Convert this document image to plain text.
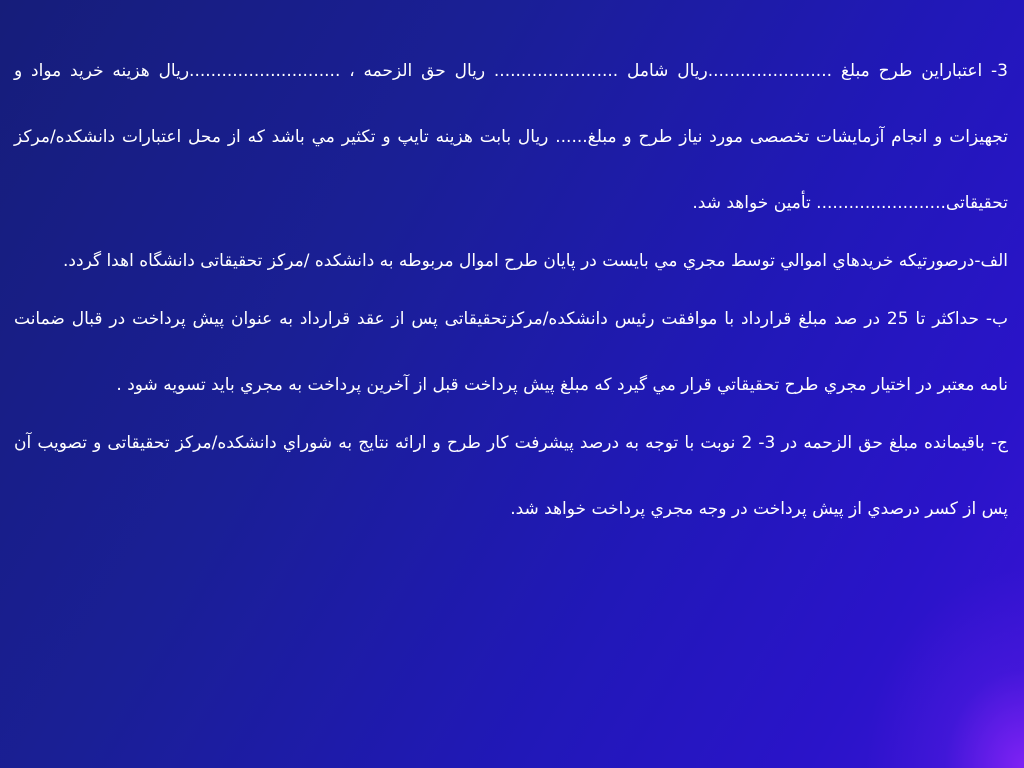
3- اعتباراین طرح مبلغ .......................ریال شامل ....................... ریال حق الزحمه ، ............................ریال هزینه خرید مواد و تجهیزات و انجام آزمایشات تخصصی مورد نیاز طرح و مبلغ...... ریال بابت هزینه تایپ و تکثیر مي باشد که از محل اعتبارات دانشکده/مرکز تحقیقاتی........................ تأمین خواهد شد.

الف-درصورتیکه خریدهاي اموالي توسط مجري مي بایست در پایان طرح اموال مربوطه به دانشکده /مرکز تحقیقاتی دانشگاه اهدا گردد.

ب- حداکثر تا 25 در صد مبلغ قرارداد با موافقت رئیس دانشکده/مرکزتحقیقاتی پس از عقد قرارداد به عنوان پیش پرداخت در قبال ضمانت نامه معتبر در اختیار مجري طرح تحقیقاتي قرار مي گیرد که مبلغ پیش پرداخت قبل از آخرین پرداخت به مجري باید تسویه شود .

ج- باقیمانده مبلغ حق الزحمه در 3- 2 نوبت با توجه به درصد پیشرفت کار طرح و ارائه نتایج به شوراي دانشکده/مرکز تحقیقاتی و تصویب آن پس از کسر درصدي از پیش پرداخت در وجه مجري پرداخت خواهد شد.
